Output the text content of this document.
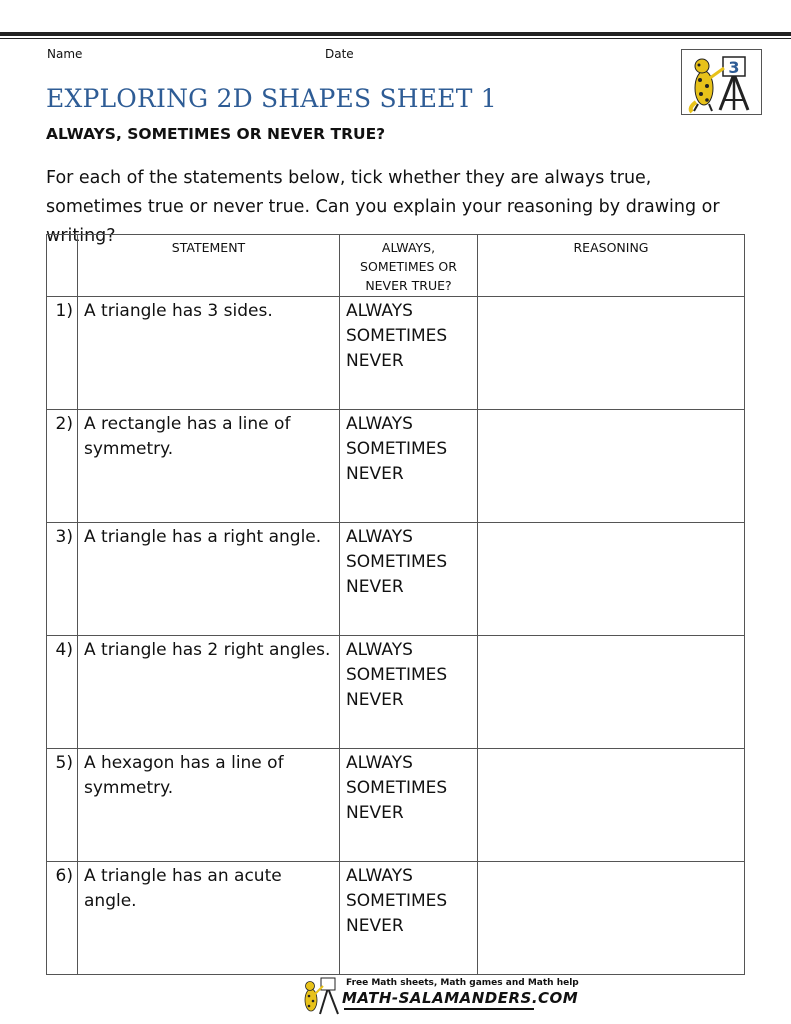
Name	Date
3
EXPLORING 2D SHAPES SHEET 1
ALWAYS, SOMETIMES OR NEVER TRUE?
For each of the statements below, tick whether they are always true, sometimes true or never true. Can you explain your reasoning by drawing or writing?
	STATEMENT	ALWAYS,
SOMETIMES OR
NEVER TRUE?	REASONING
1)	A triangle has 3 sides.	ALWAYS
SOMETIMES
NEVER	

2)	A rectangle has a line of symmetry.	ALWAYS
SOMETIMES
NEVER	

3)	A triangle has a right angle.	ALWAYS
SOMETIMES
NEVER	

4)	A triangle has 2 right angles.	ALWAYS
SOMETIMES
NEVER	

5)	A hexagon has a line of symmetry.	ALWAYS
SOMETIMES
NEVER	

6)	A triangle has an acute angle.	ALWAYS
SOMETIMES
NEVER	

Free Math sheets, Math games and Math help
MATH-SALAMANDERS.COM
